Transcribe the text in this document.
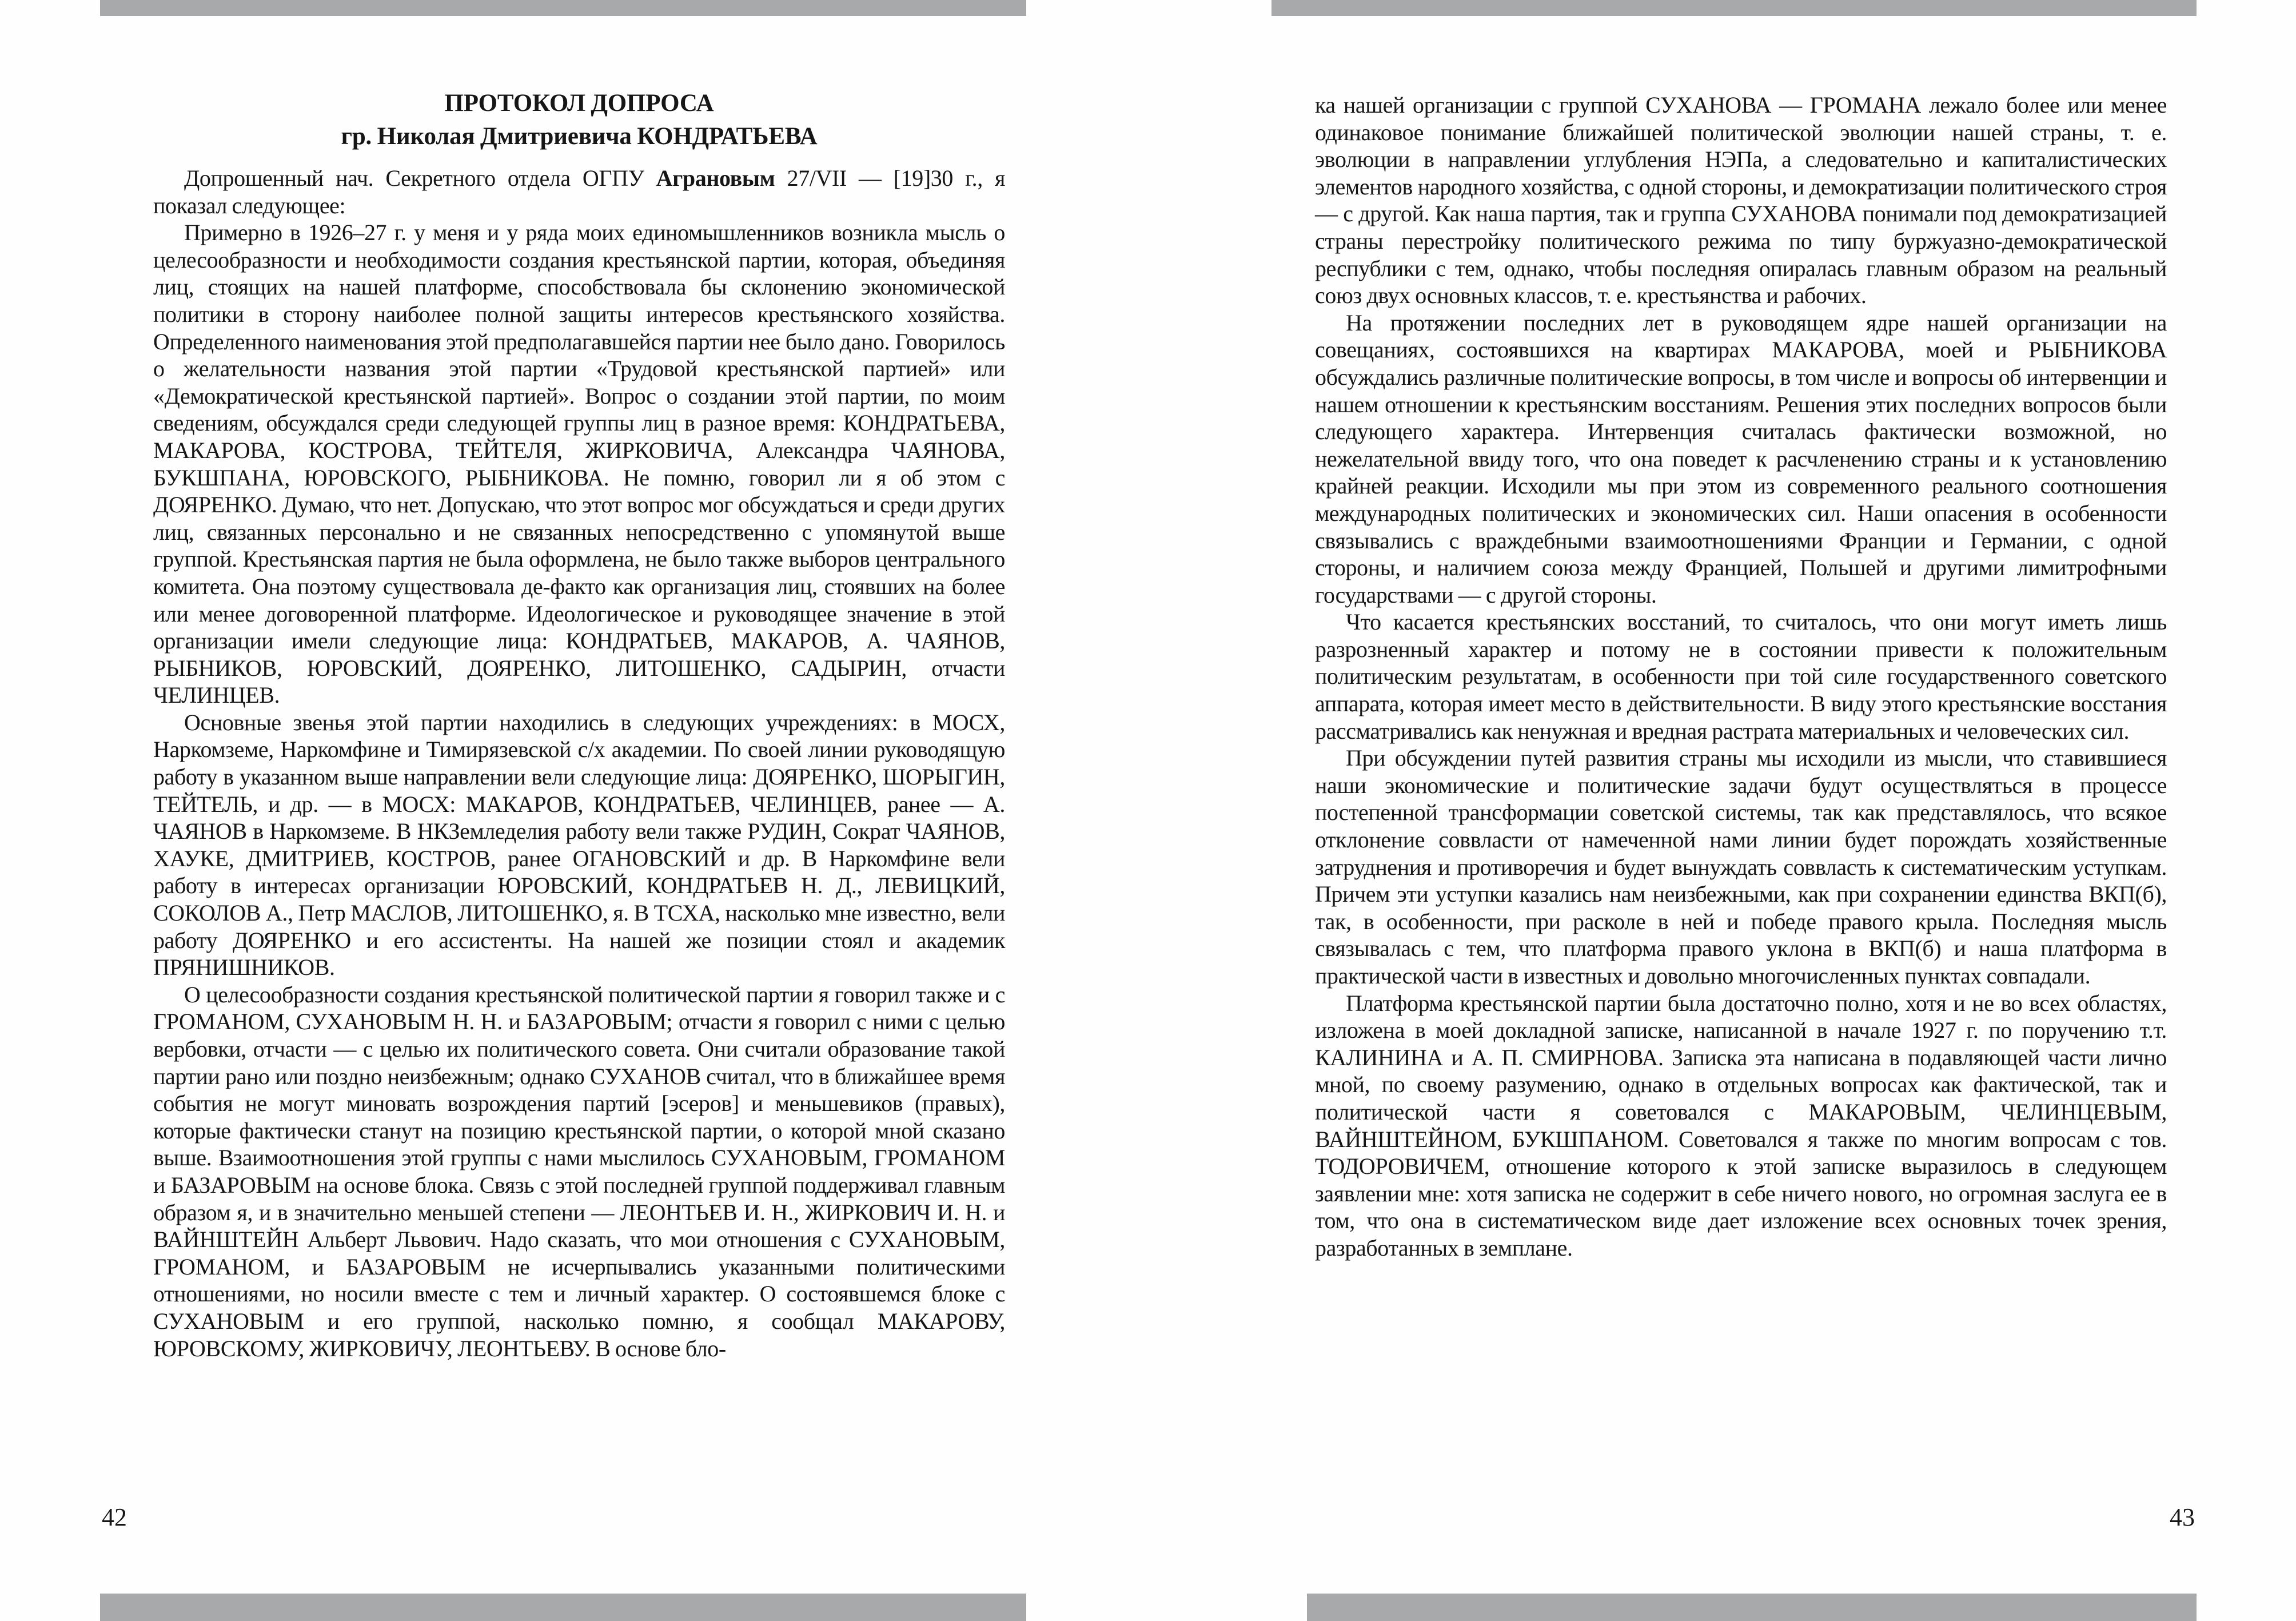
ПРОТОКОЛ ДОПРОСА
гр. Николая Дмитриевича КОНДРАТЬЕВА

Допрошенный нач. Секретного отдела ОГПУ Аграновым 27/VII — [19]30 г., я показал следующее:

Примерно в 1926–27 г. у меня и у ряда моих единомышленников возникла мысль о целесообразности и необходимости создания крестьянской партии, которая, объединяя лиц, стоящих на нашей платформе, способствовала бы склонению экономической политики в сторону наиболее полной защиты интересов крестьянского хозяйства. Определенного наименования этой предполагавшейся партии нее было дано. Говорилось о желательности названия этой партии «Трудовой крестьянской партией» или «Демократической крестьянской партией». Вопрос о создании этой партии, по моим сведениям, обсуждался среди следующей группы лиц в разное время: КОНДРАТЬЕВА, МАКАРОВА, КОСТРОВА, ТЕЙТЕЛЯ, ЖИРКОВИЧА, Александра ЧАЯНОВА, БУКШПАНА, ЮРОВСКОГО, РЫБНИКОВА. Не помню, говорил ли я об этом с ДОЯРЕНКО. Думаю, что нет. Допускаю, что этот вопрос мог обсуждаться и среди других лиц, связанных персонально и не связанных непосредственно с упомянутой выше группой. Крестьянская партия не была оформлена, не было также выборов центрального комитета. Она поэтому существовала де-факто как организация лиц, стоявших на более или менее договоренной платформе. Идеологическое и руководящее значение в этой организации имели следующие лица: КОНДРАТЬЕВ, МАКАРОВ, А. ЧАЯНОВ, РЫБНИКОВ, ЮРОВСКИЙ, ДОЯРЕНКО, ЛИТОШЕНКО, САДЫРИН, отчасти ЧЕЛИНЦЕВ.

Основные звенья этой партии находились в следующих учреждениях: в МОСХ, Наркомземе, Наркомфине и Тимирязевской с/х академии. По своей линии руководящую работу в указанном выше направлении вели следующие лица: ДОЯРЕНКО, ШОРЫГИН, ТЕЙТЕЛЬ, и др. — в МОСХ: МАКАРОВ, КОНДРАТЬЕВ, ЧЕЛИНЦЕВ, ранее — А. ЧАЯНОВ в Наркомземе. В НКЗемледелия работу вели также РУДИН, Сократ ЧАЯНОВ, ХАУКЕ, ДМИТРИЕВ, КОСТРОВ, ранее ОГАНОВСКИЙ и др. В Наркомфине вели работу в интересах организации ЮРОВСКИЙ, КОНДРАТЬЕВ Н. Д., ЛЕВИЦКИЙ, СОКОЛОВ А., Петр МАСЛОВ, ЛИТОШЕНКО, я. В ТСХА, насколько мне известно, вели работу ДОЯРЕНКО и его ассистенты. На нашей же позиции стоял и академик ПРЯНИШНИКОВ.

О целесообразности создания крестьянской политической партии я говорил также и с ГРОМАНОМ, СУХАНОВЫМ Н. Н. и БАЗАРОВЫМ; отчасти я говорил с ними с целью вербовки, отчасти — с целью их политического совета. Они считали образование такой партии рано или поздно неизбежным; однако СУХАНОВ считал, что в ближайшее время события не могут миновать возрождения партий [эсеров] и меньшевиков (правых), которые фактически станут на позицию крестьянской партии, о которой мной сказано выше. Взаимоотношения этой группы с нами мыслилось СУХАНОВЫМ, ГРОМАНОМ и БАЗАРОВЫМ на основе блока. Связь с этой последней группой поддерживал главным образом я, и в значительно меньшей степени — ЛЕОНТЬЕВ И. Н., ЖИРКОВИЧ И. Н. и ВАЙНШТЕЙН Альберт Львович. Надо сказать, что мои отношения с СУХАНОВЫМ, ГРОМАНОМ, и БАЗАРОВЫМ не исчерпывались указанными политическими отношениями, но носили вместе с тем и личный характер. О состоявшемся блоке с СУХАНОВЫМ и его группой, насколько помню, я сообщал МАКАРОВУ, ЮРОВСКОМУ, ЖИРКОВИЧУ, ЛЕОНТЬЕВУ. В основе бло-

42

ка нашей организации с группой СУХАНОВА — ГРОМАНА лежало более или менее одинаковое понимание ближайшей политической эволюции нашей страны, т. е. эволюции в направлении углубления НЭПа, а следовательно и капиталистических элементов народного хозяйства, с одной стороны, и демократизации политического строя — с другой. Как наша партия, так и группа СУХАНОВА понимали под демократизацией страны перестройку политического режима по типу буржуазно-демократической республики с тем, однако, чтобы последняя опиралась главным образом на реальный союз двух основных классов, т. е. крестьянства и рабочих.

На протяжении последних лет в руководящем ядре нашей организации на совещаниях, состоявшихся на квартирах МАКАРОВА, моей и РЫБНИКОВА обсуждались различные политические вопросы, в том числе и вопросы об интервенции и нашем отношении к крестьянским восстаниям. Решения этих последних вопросов были следующего характера. Интервенция считалась фактически возможной, но нежелательной ввиду того, что она поведет к расчленению страны и к установлению крайней реакции. Исходили мы при этом из современного реального соотношения международных политических и экономических сил. Наши опасения в особенности связывались с враждебными взаимоотношениями Франции и Германии, с одной стороны, и наличием союза между Францией, Польшей и другими лимитрофными государствами — с другой стороны.

Что касается крестьянских восстаний, то считалось, что они могут иметь лишь разрозненный характер и потому не в состоянии привести к положительным политическим результатам, в особенности при той силе государственного советского аппарата, которая имеет место в действительности. В виду этого крестьянские восстания рассматривались как ненужная и вредная растрата материальных и человеческих сил.

При обсуждении путей развития страны мы исходили из мысли, что ставившиеся наши экономические и политические задачи будут осуществляться в процессе постепенной трансформации советской системы, так как представлялось, что всякое отклонение соввласти от намеченной нами линии будет порождать хозяйственные затруднения и противоречия и будет вынуждать соввласть к систематическим уступкам. Причем эти уступки казались нам неизбежными, как при сохранении единства ВКП(б), так, в особенности, при расколе в ней и победе правого крыла. Последняя мысль связывалась с тем, что платформа правого уклона в ВКП(б) и наша платформа в практической части в известных и довольно многочисленных пунктах совпадали.

Платформа крестьянской партии была достаточно полно, хотя и не во всех областях, изложена в моей докладной записке, написанной в начале 1927 г. по поручению т.т. КАЛИНИНА и А. П. СМИРНОВА. Записка эта написана в подавляющей части лично мной, по своему разумению, однако в отдельных вопросах как фактической, так и политической части я советовался с МАКАРОВЫМ, ЧЕЛИНЦЕВЫМ, ВАЙНШТЕЙНОМ, БУКШПАНОМ. Советовался я также по многим вопросам с тов. ТОДОРОВИЧЕМ, отношение которого к этой записке выразилось в следующем заявлении мне: хотя записка не содержит в себе ничего нового, но огромная заслуга ее в том, что она в систематическом виде дает изложение всех основных точек зрения, разработанных в земплане.

43
